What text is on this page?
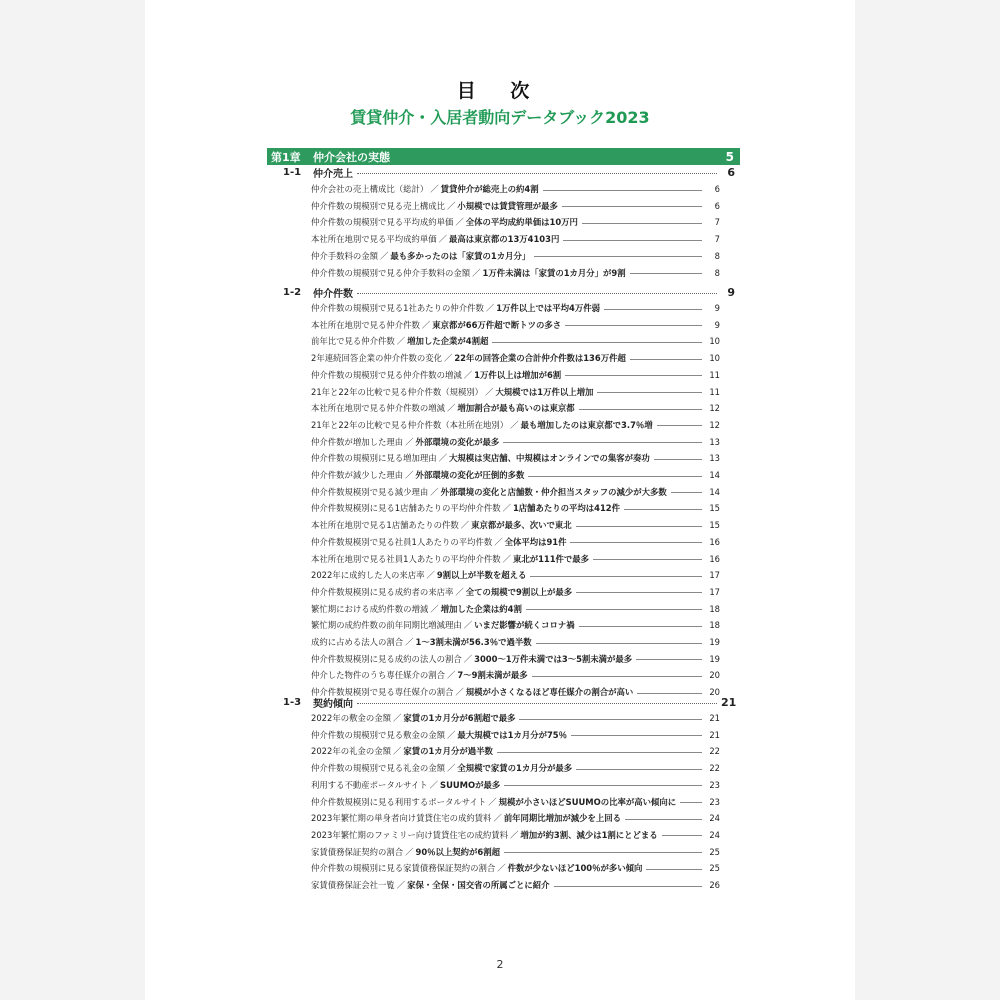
目 次
賃貸仲介・入居者動向データブック2023
第1章	仲介会社の実態	5
1-1	仲介売上	6
仲介会社の売上構成比（総計） ／ 賃貸仲介が総売上の約4割	6
仲介件数の規模別で見る売上構成比 ／ 小規模では賃貸管理が最多	6
仲介件数の規模別で見る平均成約単価 ／ 全体の平均成約単価は10万円	7
本社所在地別で見る平均成約単価 ／ 最高は東京都の13万4103円	7
仲介手数料の金額 ／ 最も多かったのは「家賃の1カ月分」	8
仲介件数の規模別で見る仲介手数料の金額 ／ 1万件未満は「家賃の1カ月分」が9割	8
1-2	仲介件数	9
仲介件数の規模別で見る1社あたりの仲介件数 ／ 1万件以上では平均4万件弱	9
本社所在地別で見る仲介件数 ／ 東京都が66万件超で断トツの多さ	9
前年比で見る仲介件数 ／ 増加した企業が4割超	10
2年連続回答企業の仲介件数の変化 ／ 22年の回答企業の合計仲介件数は136万件超	10
仲介件数の規模別で見る仲介件数の増減 ／ 1万件以上は増加が6割	11
21年と22年の比較で見る仲介件数（規模別） ／ 大規模では1万件以上増加	11
本社所在地別で見る仲介件数の増減 ／ 増加割合が最も高いのは東京都	12
21年と22年の比較で見る仲介件数（本社所在地別） ／ 最も増加したのは東京都で3.7％増	12
仲介件数が増加した理由 ／ 外部環境の変化が最多	13
仲介件数の規模別に見る増加理由 ／ 大規模は実店舗、中規模はオンラインでの集客が奏功	13
仲介件数が減少した理由 ／ 外部環境の変化が圧倒的多数	14
仲介件数規模別で見る減少理由 ／ 外部環境の変化と店舗数・仲介担当スタッフの減少が大多数	14
仲介件数規模別に見る1店舗あたりの平均仲介件数 ／ 1店舗あたりの平均は412件	15
本社所在地別で見る1店舗あたりの件数 ／ 東京都が最多、次いで東北	15
仲介件数規模別で見る社員1人あたりの平均件数 ／ 全体平均は91件	16
本社所在地別で見る社員1人あたりの平均仲介件数 ／ 東北が111件で最多	16
2022年に成約した人の来店率 ／ 9割以上が半数を超える	17
仲介件数規模別に見る成約者の来店率 ／ 全ての規模で9割以上が最多	17
繁忙期における成約件数の増減 ／ 増加した企業は約4割	18
繁忙期の成約件数の前年同期比増減理由 ／ いまだ影響が続くコロナ禍	18
成約に占める法人の割合 ／ 1～3割未満が56.3％で過半数	19
仲介件数規模別に見る成約の法人の割合 ／ 3000～1万件未満では3～5割未満が最多	19
仲介した物件のうち専任媒介の割合 ／ 7～9割未満が最多	20
仲介件数規模別で見る専任媒介の割合 ／ 規模が小さくなるほど専任媒介の割合が高い	20
1-3	契約傾向	21
2022年の敷金の金額 ／ 家賃の1カ月分が6割超で最多	21
仲介件数の規模別で見る敷金の金額 ／ 最大規模では1カ月分が75％	21
2022年の礼金の金額 ／ 家賃の1カ月分が過半数	22
仲介件数の規模別で見る礼金の金額 ／ 全規模で家賃の1カ月分が最多	22
利用する不動産ポータルサイト ／ SUUMOが最多	23
仲介件数規模別に見る利用するポータルサイト ／ 規模が小さいほどSUUMOの比率が高い傾向に	23
2023年繁忙期の単身者向け賃貸住宅の成約賃料 ／ 前年同期比増加が減少を上回る	24
2023年繁忙期のファミリー向け賃貸住宅の成約賃料 ／ 増加が約3割、減少は1割にとどまる	24
家賃債務保証契約の割合 ／ 90％以上契約が6割超	25
仲介件数の規模別に見る家賃債務保証契約の割合 ／ 件数が少ないほど100％が多い傾向	25
家賃債務保証会社一覧 ／ 家保・全保・国交省の所属ごとに紹介	26
2
